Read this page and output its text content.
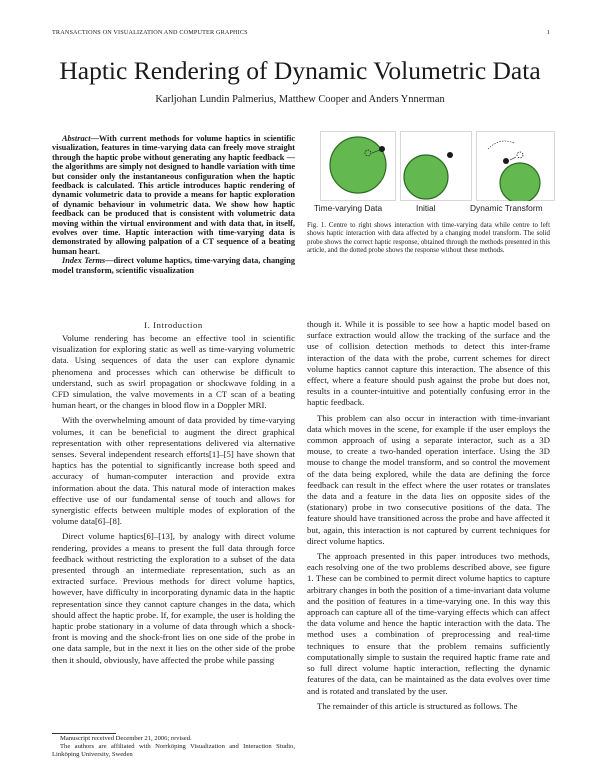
TRANSACTIONS ON VISUALIZATION AND COMPUTER GRAPHICS	1
Haptic Rendering of Dynamic Volumetric Data
Karljohan Lundin Palmerius, Matthew Cooper and Anders Ynnerman

Abstract—With current methods for volume haptics in scientific visualization, features in time-varying data can freely move straight through the haptic probe without generating any haptic feedback — the algorithms are simply not designed to handle variation with time but consider only the instantaneous configuration when the haptic feedback is calculated. This article introduces haptic rendering of dynamic volumetric data to provide a means for haptic exploration of dynamic behaviour in volumetric data. We show how haptic feedback can be produced that is consistent with volumetric data moving within the virtual environment and with data that, in itself, evolves over time. Haptic interaction with time-varying data is demonstrated by allowing palpation of a CT sequence of a beating human heart.

Index Terms—direct volume haptics, time-varying data, changing model transform, scientific visualization

I. Introduction

Volume rendering has become an effective tool in scientific visualization for exploring static as well as time-varying volumetric data. Using sequences of data the user can explore dynamic phenomena and processes which can otherwise be difficult to understand, such as swirl propagation or shockwave folding in a CFD simulation, the valve movements in a CT scan of a beating human heart, or the changes in blood flow in a Doppler MRI.

With the overwhelming amount of data provided by time-varying volumes, it can be beneficial to augment the direct graphical representation with other representations delivered via alternative senses. Several independent research efforts[1]–[5] have shown that haptics has the potential to significantly increase both speed and accuracy of human-computer interaction and provide extra information about the data. This natural mode of interaction makes effective use of our fundamental sense of touch and allows for synergistic effects between multiple modes of exploration of the volume data[6]–[8].

Direct volume haptics[6]–[13], by analogy with direct volume rendering, provides a means to present the full data through force feedback without restricting the exploration to a subset of the data presented through an intermediate representation, such as an extracted surface. Previous methods for direct volume haptics, however, have difficulty in incorporating dynamic data in the haptic representation since they cannot capture changes in the data, which should affect the haptic probe. If, for example, the user is holding the haptic probe stationary in a volume of data through which a shock-front is moving and the shock-front lies on one side of the probe in one data sample, but in the next it lies on the other side of the probe then it should, obviously, have affected the probe while passing

though it. While it is possible to see how a haptic model based on surface extraction would allow the tracking of the surface and the use of collision detection methods to detect this inter-frame interaction of the data with the probe, current schemes for direct volume haptics cannot capture this interaction. The absence of this effect, where a feature should push against the probe but does not, results in a counter-intuitive and potentially confusing error in the haptic feedback.

This problem can also occur in interaction with time-invariant data which moves in the scene, for example if the user employs the common approach of using a separate interactor, such as a 3D mouse, to create a two-handed operation interface. Using the 3D mouse to change the model transform, and so control the movement of the data being explored, while the data are defining the force feedback can result in the effect where the user rotates or translates the data and a feature in the data lies on opposite sides of the (stationary) probe in two consecutive positions of the data. The feature should have transitioned across the probe and have affected it but, again, this interaction is not captured by current techniques for direct volume haptics.

The approach presented in this paper introduces two methods, each resolving one of the two problems described above, see figure 1. These can be combined to permit direct volume haptics to capture arbitrary changes in both the position of a time-invariant data volume and the position of features in a time-varying one. In this way this approach can capture all of the time-varying effects which can affect the data volume and hence the haptic interaction with the data. The method uses a combination of preprocessing and real-time techniques to ensure that the problem remains sufficiently computationally simple to sustain the required haptic frame rate and so full direct volume haptic interaction, reflecting the dynamic features of the data, can be maintained as the data evolves over time and is rotated and translated by the user.

The remainder of this article is structured as follows. The

Time-varying Data	Initial	Dynamic Transform

Fig. 1. Centre to right shows interaction with time-varying data while centre to left shows haptic interaction with data affected by a changing model transform. The solid probe shows the correct haptic response, obtained through the methods presented in this article, and the dotted probe shows the response without these methods.

Manuscript received December 21, 2006; revised.

The authors are affiliated with Norrköping Visualization and Interaction Studio, Linköping University, Sweden
